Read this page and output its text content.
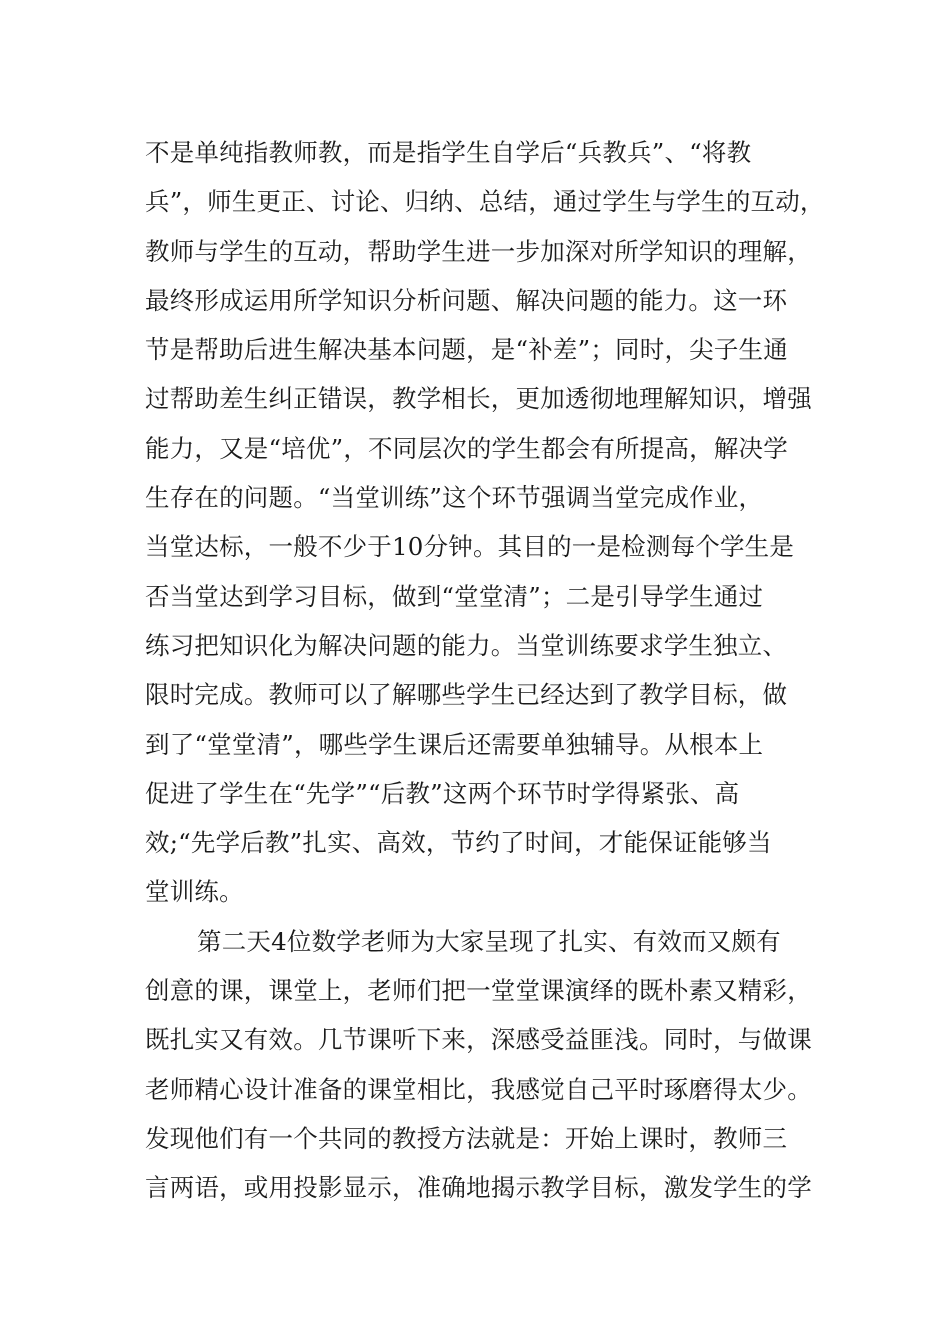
不是单纯指教师教，而是指学生自学后“兵教兵”、“将教
兵”，师生更正、讨论、归纳、总结，通过学生与学生的互动，
教师与学生的互动，帮助学生进一步加深对所学知识的理解，
最终形成运用所学知识分析问题、解决问题的能力。这一环
节是帮助后进生解决基本问题，是“补差”；同时，尖子生通
过帮助差生纠正错误，教学相长，更加透彻地理解知识，增强
能力，又是“培优”，不同层次的学生都会有所提高，解决学
生存在的问题。“当堂训练”这个环节强调当堂完成作业，
当堂达标，一般不少于10分钟。其目的一是检测每个学生是
否当堂达到学习目标，做到“堂堂清”；二是引导学生通过
练习把知识化为解决问题的能力。当堂训练要求学生独立、
限时完成。教师可以了解哪些学生已经达到了教学目标，做
到了“堂堂清”，哪些学生课后还需要单独辅导。从根本上
促进了学生在“先学”“后教”这两个环节时学得紧张、高
效;“先学后教”扎实、高效，节约了时间，才能保证能够当
堂训练。
第二天4位数学老师为大家呈现了扎实、有效而又颇有
创意的课，课堂上，老师们把一堂堂课演绎的既朴素又精彩，
既扎实又有效。几节课听下来，深感受益匪浅。同时，与做课
老师精心设计准备的课堂相比，我感觉自己平时琢磨得太少。
发现他们有一个共同的教授方法就是：开始上课时，教师三
言两语，或用投影显示，准确地揭示教学目标，激发学生的学
